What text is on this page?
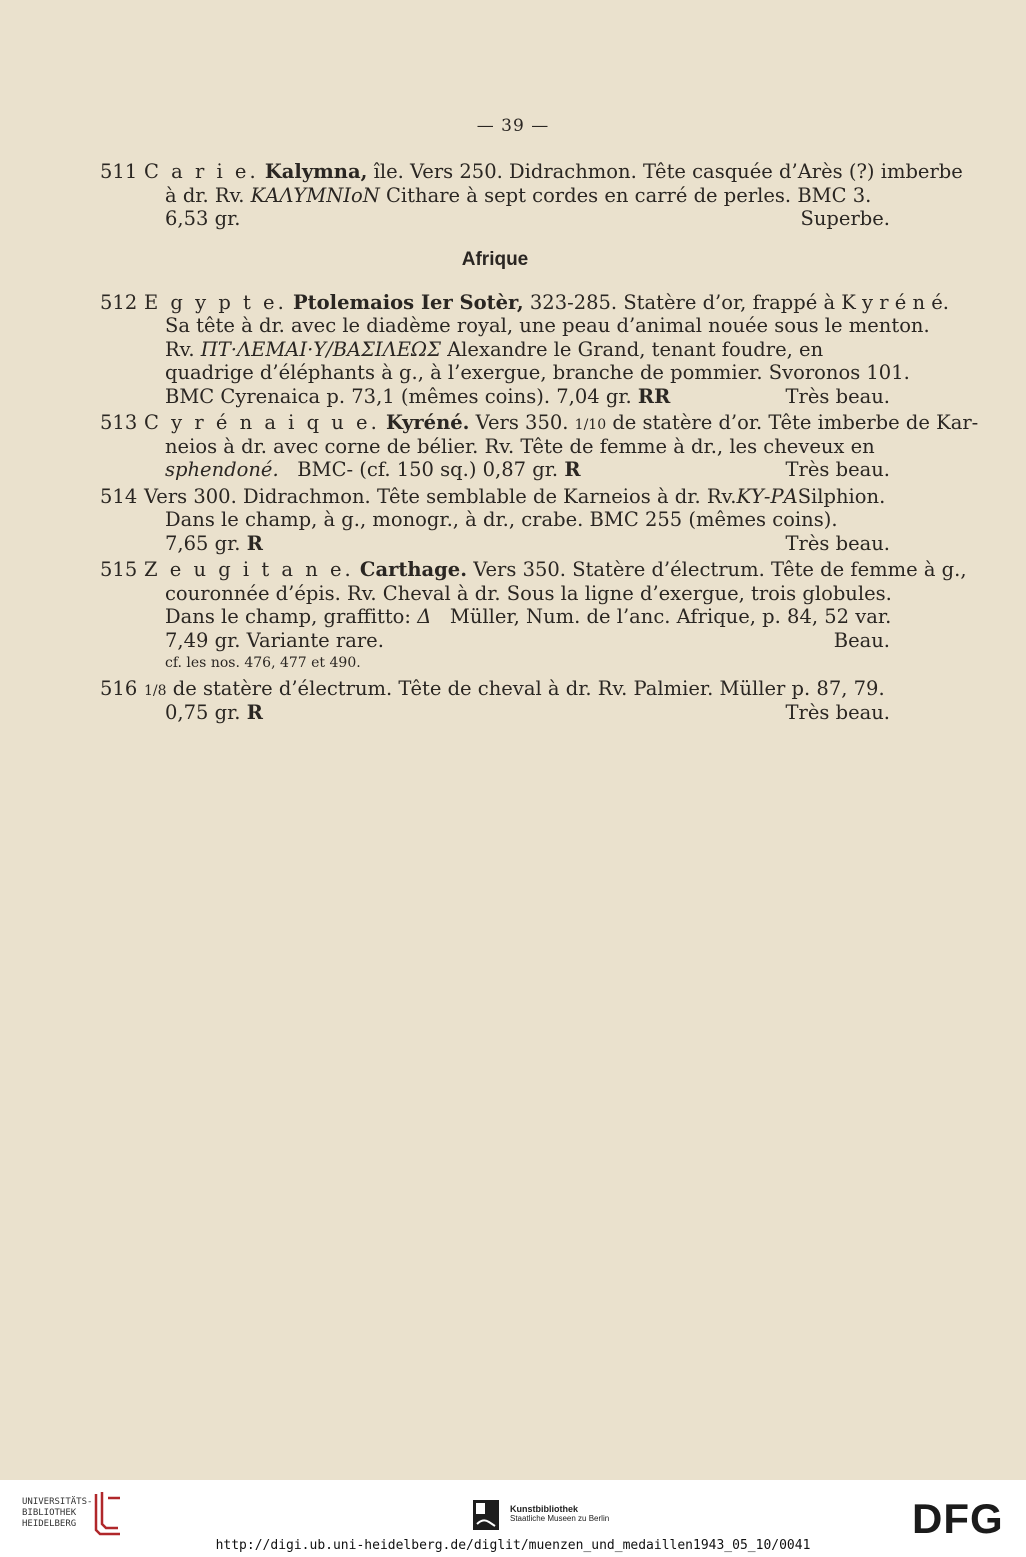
— 39 —
511 C a r i e. Kalymna, île. Vers 250. Didrachmon. Tête casquée d’Arès (?) imberbe
à dr. Rv. ΚΑΛΥΜΝΙοΝ Cithare à sept cordes en carré de perles. BMC 3.
6,53 gr.	Superbe.
Afrique
512 E g y p t e. Ptolemaios Ier Sotèr, 323-285. Statère d’or, frappé à K y r é n é.
Sa tête à dr. avec le diadème royal, une peau d’animal nouée sous le menton.
Rv. ΠΤ·ΛΕΜΑΙ·Υ/ΒΑΣΙΛΕΩΣ Alexandre le Grand, tenant foudre, en
quadrige d’éléphants à g., à l’exergue, branche de pommier. Svoronos 101.
BMC Cyrenaica p. 73,1 (mêmes coins). 7,04 gr. RR	Très beau.
513 C y r é n a i q u e. Kyréné. Vers 350. 1/10 de statère d’or. Tête imberbe de Kar-
neios à dr. avec corne de bélier. Rv. Tête de femme à dr., les cheveux en
sphendoné. BMC- (cf. 150 sq.) 0,87 gr. R	Très beau.
514 Vers 300. Didrachmon. Tête semblable de Karneios à dr. Rv.ΚΥ-ΡΑSilphion.
Dans le champ, à g., monogr., à dr., crabe. BMC 255 (mêmes coins).
7,65 gr. R	Très beau.
515 Z e u g i t a n e. Carthage. Vers 350. Statère d’électrum. Tête de femme à g.,
couronnée d’épis. Rv. Cheval à dr. Sous la ligne d’exergue, trois globules.
Dans le champ, graffitto: Δ Müller, Num. de l’anc. Afrique, p. 84, 52 var.
7,49 gr. Variante rare.	Beau.
cf. les nos. 476, 477 et 490.
516 1/8 de statère d’électrum. Tête de cheval à dr. Rv. Palmier. Müller p. 87, 79.
0,75 gr. R	Très beau.
UNIVERSITÄTS-
BIBLIOTHEK
HEIDELBERG
Kunstbibliothek
Staatliche Museen zu Berlin	DFG
http://digi.ub.uni-heidelberg.de/diglit/muenzen_und_medaillen1943_05_10/0041
